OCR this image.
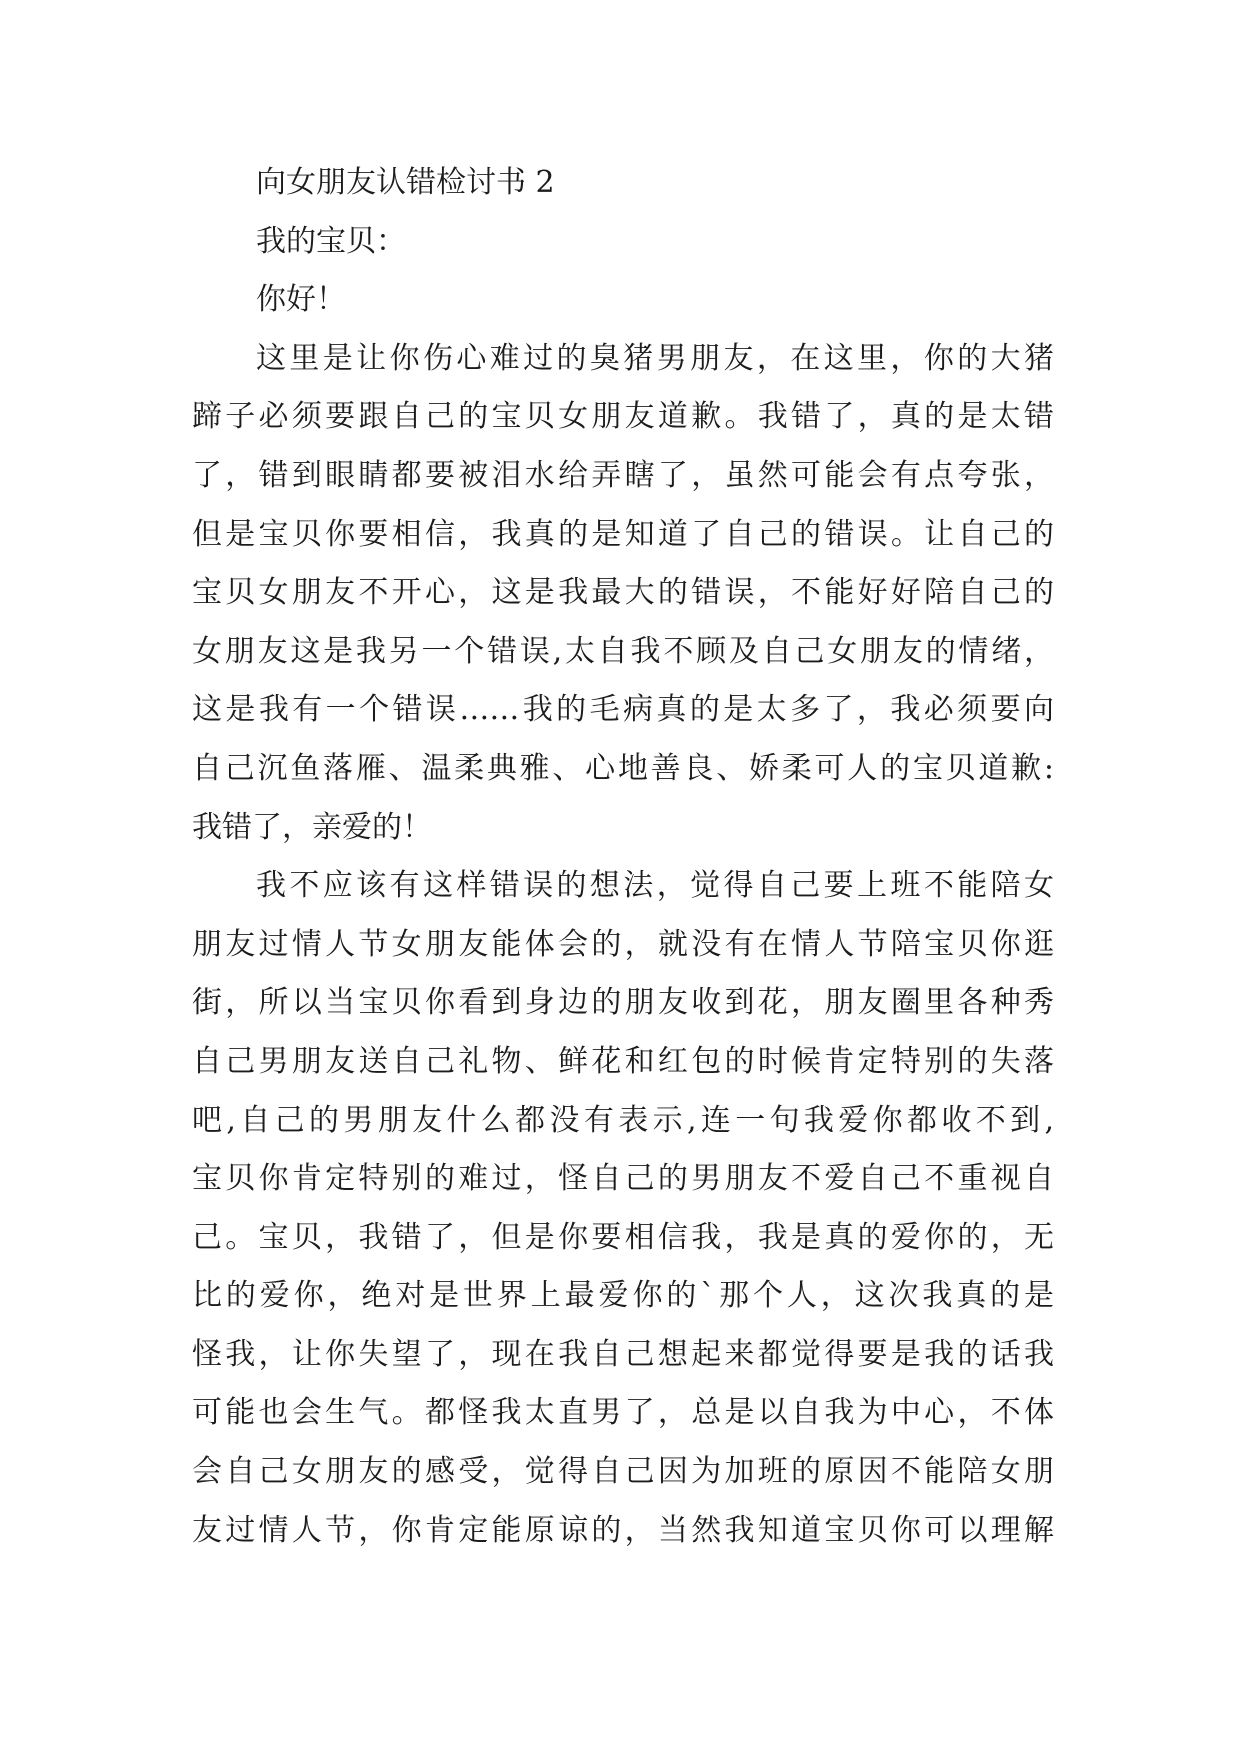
向女朋友认错检讨书 2
我的宝贝：
你好！
这里是让你伤心难过的臭猪男朋友，在这里，你的大猪
蹄子必须要跟自己的宝贝女朋友道歉。我错了，真的是太错
了，错到眼睛都要被泪水给弄瞎了，虽然可能会有点夸张，
但是宝贝你要相信，我真的是知道了自己的错误。让自己的
宝贝女朋友不开心，这是我最大的错误，不能好好陪自己的
女朋友这是我另一个错误,太自我不顾及自己女朋友的情绪，
这是我有一个错误……我的毛病真的是太多了，我必须要向
自己沉鱼落雁、温柔典雅、心地善良、娇柔可人的宝贝道歉:
我错了，亲爱的！
我不应该有这样错误的想法，觉得自己要上班不能陪女
朋友过情人节女朋友能体会的，就没有在情人节陪宝贝你逛
街，所以当宝贝你看到身边的朋友收到花，朋友圈里各种秀
自己男朋友送自己礼物、鲜花和红包的时候肯定特别的失落
吧,自己的男朋友什么都没有表示,连一句我爱你都收不到,
宝贝你肯定特别的难过，怪自己的男朋友不爱自己不重视自
己。宝贝，我错了，但是你要相信我，我是真的爱你的，无
比的爱你，绝对是世界上最爱你的`那个人，这次我真的是
怪我，让你失望了，现在我自己想起来都觉得要是我的话我
可能也会生气。都怪我太直男了，总是以自我为中心，不体
会自己女朋友的感受，觉得自己因为加班的原因不能陪女朋
友过情人节，你肯定能原谅的，当然我知道宝贝你可以理解
